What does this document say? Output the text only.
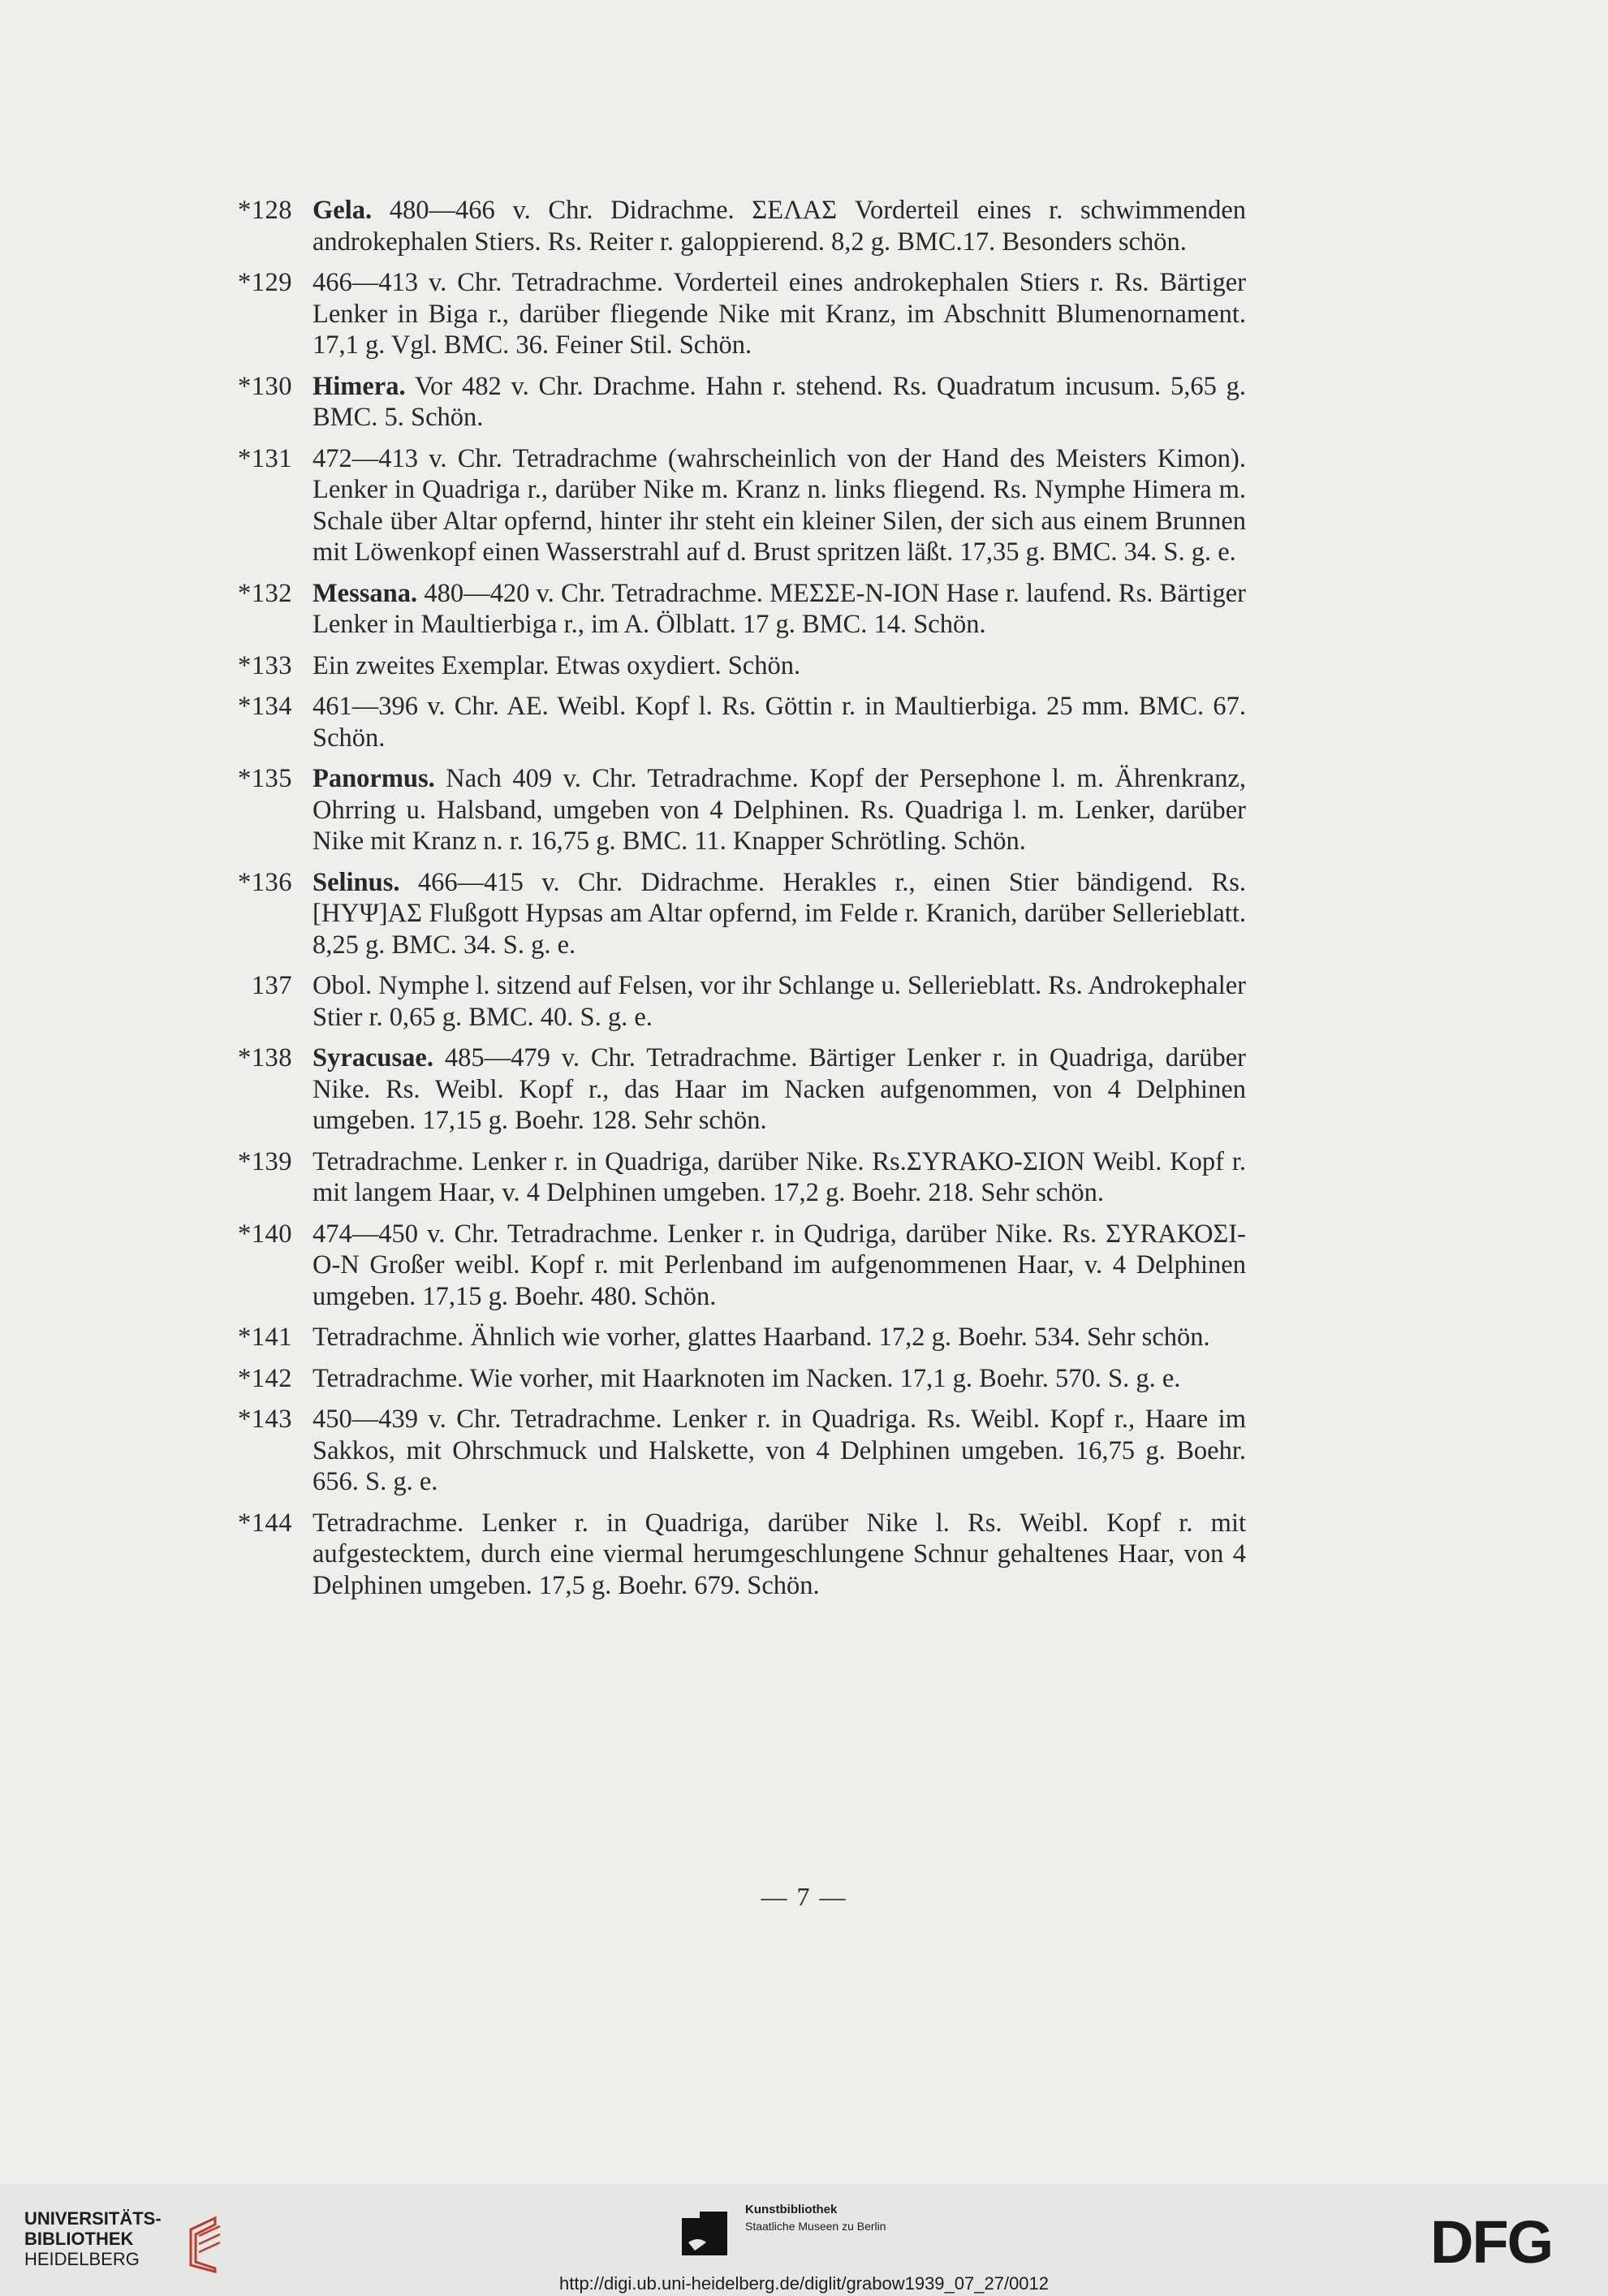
*128 Gela. 480—466 v. Chr. Didrachme. ΣΕΛΑΣ Vorderteil eines r. schwimmenden androkephalen Stiers. Rs. Reiter r. galoppierend. 8,2 g. BMC.17. Besonders schön.
*129 466—413 v. Chr. Tetradrachme. Vorderteil eines androkephalen Stiers r. Rs. Bärtiger Lenker in Biga r., darüber fliegende Nike mit Kranz, im Abschnitt Blumenornament. 17,1 g. Vgl. BMC. 36. Feiner Stil. Schön.
*130 Himera. Vor 482 v. Chr. Drachme. Hahn r. stehend. Rs. Quadratum incusum. 5,65 g. BMC. 5. Schön.
*131 472—413 v. Chr. Tetradrachme (wahrscheinlich von der Hand des Meisters Kimon). Lenker in Quadriga r., darüber Nike m. Kranz n. links fliegend. Rs. Nymphe Himera m. Schale über Altar opfernd, hinter ihr steht ein kleiner Silen, der sich aus einem Brunnen mit Löwenkopf einen Wasserstrahl auf d. Brust spritzen läßt. 17,35 g. BMC. 34. S. g. e.
*132 Messana. 480—420 v. Chr. Tetradrachme. ΜΕΣΣΕ-Ν-ΙΟΝ Hase r. laufend. Rs. Bärtiger Lenker in Maultierbiga r., im A. Ölblatt. 17 g. BMC. 14. Schön.
*133 Ein zweites Exemplar. Etwas oxydiert. Schön.
*134 461—396 v. Chr. AE. Weibl. Kopf l. Rs. Göttin r. in Maultierbiga. 25 mm. BMC. 67. Schön.
*135 Panormus. Nach 409 v. Chr. Tetradrachme. Kopf der Persephone l. m. Ährenkranz, Ohrring u. Halsband, umgeben von 4 Delphinen. Rs. Quadriga l. m. Lenker, darüber Nike mit Kranz n. r. 16,75 g. BMC. 11. Knapper Schrötling. Schön.
*136 Selinus. 466—415 v. Chr. Didrachme. Herakles r., einen Stier bändigend. Rs. [ΗΥΨ]ΑΣ Flußgott Hypsas am Altar opfernd, im Felde r. Kranich, darüber Sellerieblatt. 8,25 g. BMC. 34. S. g. e.
137 Obol. Nymphe l. sitzend auf Felsen, vor ihr Schlange u. Sellerieblatt. Rs. Androkephaler Stier r. 0,65 g. BMC. 40. S. g. e.
*138 Syracusae. 485—479 v. Chr. Tetradrachme. Bärtiger Lenker r. in Quadriga, darüber Nike. Rs. Weibl. Kopf r., das Haar im Nacken aufgenommen, von 4 Delphinen umgeben. 17,15 g. Boehr. 128. Sehr schön.
*139 Tetradrachme. Lenker r. in Quadriga, darüber Nike. Rs.ΣΥRΑΚΟ-ΣΙΟΝ Weibl. Kopf r. mit langem Haar, v. 4 Delphinen umgeben. 17,2 g. Boehr. 218. Sehr schön.
*140 474—450 v. Chr. Tetradrachme. Lenker r. in Qudriga, darüber Nike. Rs. ΣΥRΑΚΟΣΙ-Ο-Ν Großer weibl. Kopf r. mit Perlenband im aufgenommenen Haar, v. 4 Delphinen umgeben. 17,15 g. Boehr. 480. Schön.
*141 Tetradrachme. Ähnlich wie vorher, glattes Haarband. 17,2 g. Boehr. 534. Sehr schön.
*142 Tetradrachme. Wie vorher, mit Haarknoten im Nacken. 17,1 g. Boehr. 570. S. g. e.
*143 450—439 v. Chr. Tetradrachme. Lenker r. in Quadriga. Rs. Weibl. Kopf r., Haare im Sakkos, mit Ohrschmuck und Halskette, von 4 Delphinen umgeben. 16,75 g. Boehr. 656. S. g. e.
*144 Tetradrachme. Lenker r. in Quadriga, darüber Nike l. Rs. Weibl. Kopf r. mit aufgestecktem, durch eine viermal herumgeschlungene Schnur gehaltenes Haar, von 4 Delphinen umgeben. 17,5 g. Boehr. 679. Schön.
— 7 —
UNIVERSITÄTS-
BIBLIOTHEK
HEIDELBERG
Kunstbibliothek
Staatliche Museen zu Berlin	DFG
http://digi.ub.uni-heidelberg.de/diglit/grabow1939_07_27/0012
